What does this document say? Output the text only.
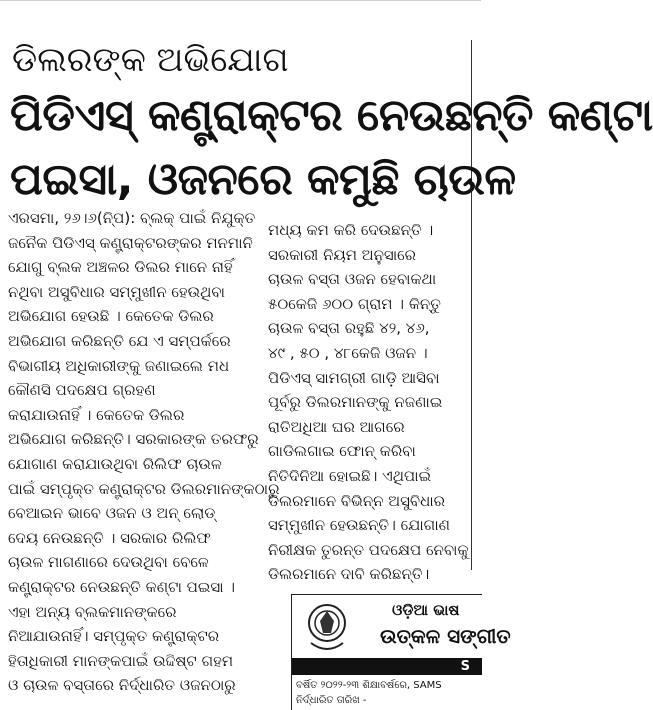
ଡିଲରଙ୍କ ଅଭିଯୋଗ
ପିଡିଏସ୍ କଣ୍ଟ୍ରାକ୍ଟର ନେଉଛନ୍ତି କଣ୍ଟା
ପଇସା, ଓଜନରେ କମୁଛି ଚାଉଳ
ଏରସମା, ୨୬।୬(ନି୍ପ): ବ୍ଲକ୍ ପାଇଁ ନିଯୁକ୍ତ
ଜନୈକ ପିଡିଏସ୍ କଣ୍ଟ୍ରାକ୍ଟରଙ୍କର ମନମାନି
ଯୋଗୁ ବ୍ଲକ ଅଞ୍ଚଳର ଡିଲର ମାନେ ନାହିଁ
ନଥିବା ଅସୁବିଧାର ସମ୍ମୁଖୀନ ହେଉଥିବା
ଅଭିଯୋଗ ହେଉଛି । କେତେକ ଡିଲର
ଅଭିଯୋଗ କରିଛନ୍ତି ଯେ ଏ ସମ୍ପର୍କରେ
ବିଭାଗୀୟ ଅଧିକାରୀଙ୍କୁ ଜଣାଇଲେ ମଧ
କୌଣସି ପଦକ୍ଷେପ ଗ୍ରହଣ
କରାଯାଉନାହିଁ । କେତେକ ଡିଲର
ଅଭିଯୋଗ କରିଛନ୍ତି। ସରକାରଙ୍କ ତରଫରୁ
ଯୋଗାଣ କରାଯାଉଥିବା ରିଲିଫ ଚାଉଳ
ପାଇଁ ସମ୍ପୃକ୍ତ କଣ୍ଟ୍ରାକ୍ଟର ଡିଲରମାନଙ୍କଠାରୁ
ବେଆଇନ ଭାବେ ଓଜନ ଓ ଅନ୍ ଲୋଡ୍
ଦେୟ ନେଉଛନ୍ତି । ସରକାର ରିଲିଫ
ଚାଉଳ ମାଗଣାରେ ଦେଉଥିବା ବେଳେ
କଣ୍ଟ୍ରାକ୍ଟର ନେଉଛନ୍ତି କଣ୍ଟା ପଇସା ।
ଏହା ଅନ୍ୟ ବ୍ଲକମାନଙ୍କରେ
ନିଆଯାଉନାହିଁ। ସମ୍ପୃକ୍ତ କଣ୍ଟ୍ରାକ୍ଟର
ହିତାଧିକାରୀ ମାନଙ୍କପାଇଁ ଉଦ୍ଦିଷ୍ଟ ଗହମ
ଓ ଚାଉଳ ବସ୍ତାରେ ନିର୍ଦ୍ଧାରିତ ଓଜନଠାରୁ
ମଧ୍ୟ କମ କରି ଦେଉଛନ୍ତି ।
ସରକାରୀ ନିୟମ ଅନୁସାରେ
ଚାଉଳ ବସ୍ତା ଓଜନ ହେବାକଥା
୫୦କେଜି ୬୦୦ ଗ୍ରାମ । କିନ୍ତୁ
ଚାଉଳ ବସ୍ତା ରହୁଛି ୪୨, ୪୬,
୪୯ , ୫୦ , ୪୮କେଜି ଓଜନ ।
ପିଡିଏସ୍ ସାମଗ୍ରୀ ଗାଡ଼ି ଆସିବା
ପୂର୍ବରୁ ଡିଲରମାନଙ୍କୁ ନଜଣାଇ
ରାତିଅଧିଆ ଘର ଆଗରେ
ଗାଡିଲଗାଇ ଫୋନ୍ କରିବା
ନିତିଦିନିଆ ହୋଇଛି। ଏଥିପାଇଁ
ଡିଲରମାନେ ବିଭିନ୍ନ ଅସୁବିଧାର
ସମ୍ମୁଖୀନ ହେଉଛନ୍ତି। ଯୋଗାଣ
ନିରୀକ୍ଷକ ତୁରନ୍ତ ପଦକ୍ଷେପ ନେବାକୁ
ଡିଲରମାନେ ଦାବି କରିଛନ୍ତି।
ଓଡ଼ିଆ ଭାଷ
ଉତ୍କଳ ସଙ୍ଗୀତ
S
ବର୍ଷିତ ୨୦୨୨-୨୩ ଶିକ୍ଷାବର୍ଷରେ, SAMS
ନିର୍ଦ୍ଧାରିତ ତାରିଖ -
